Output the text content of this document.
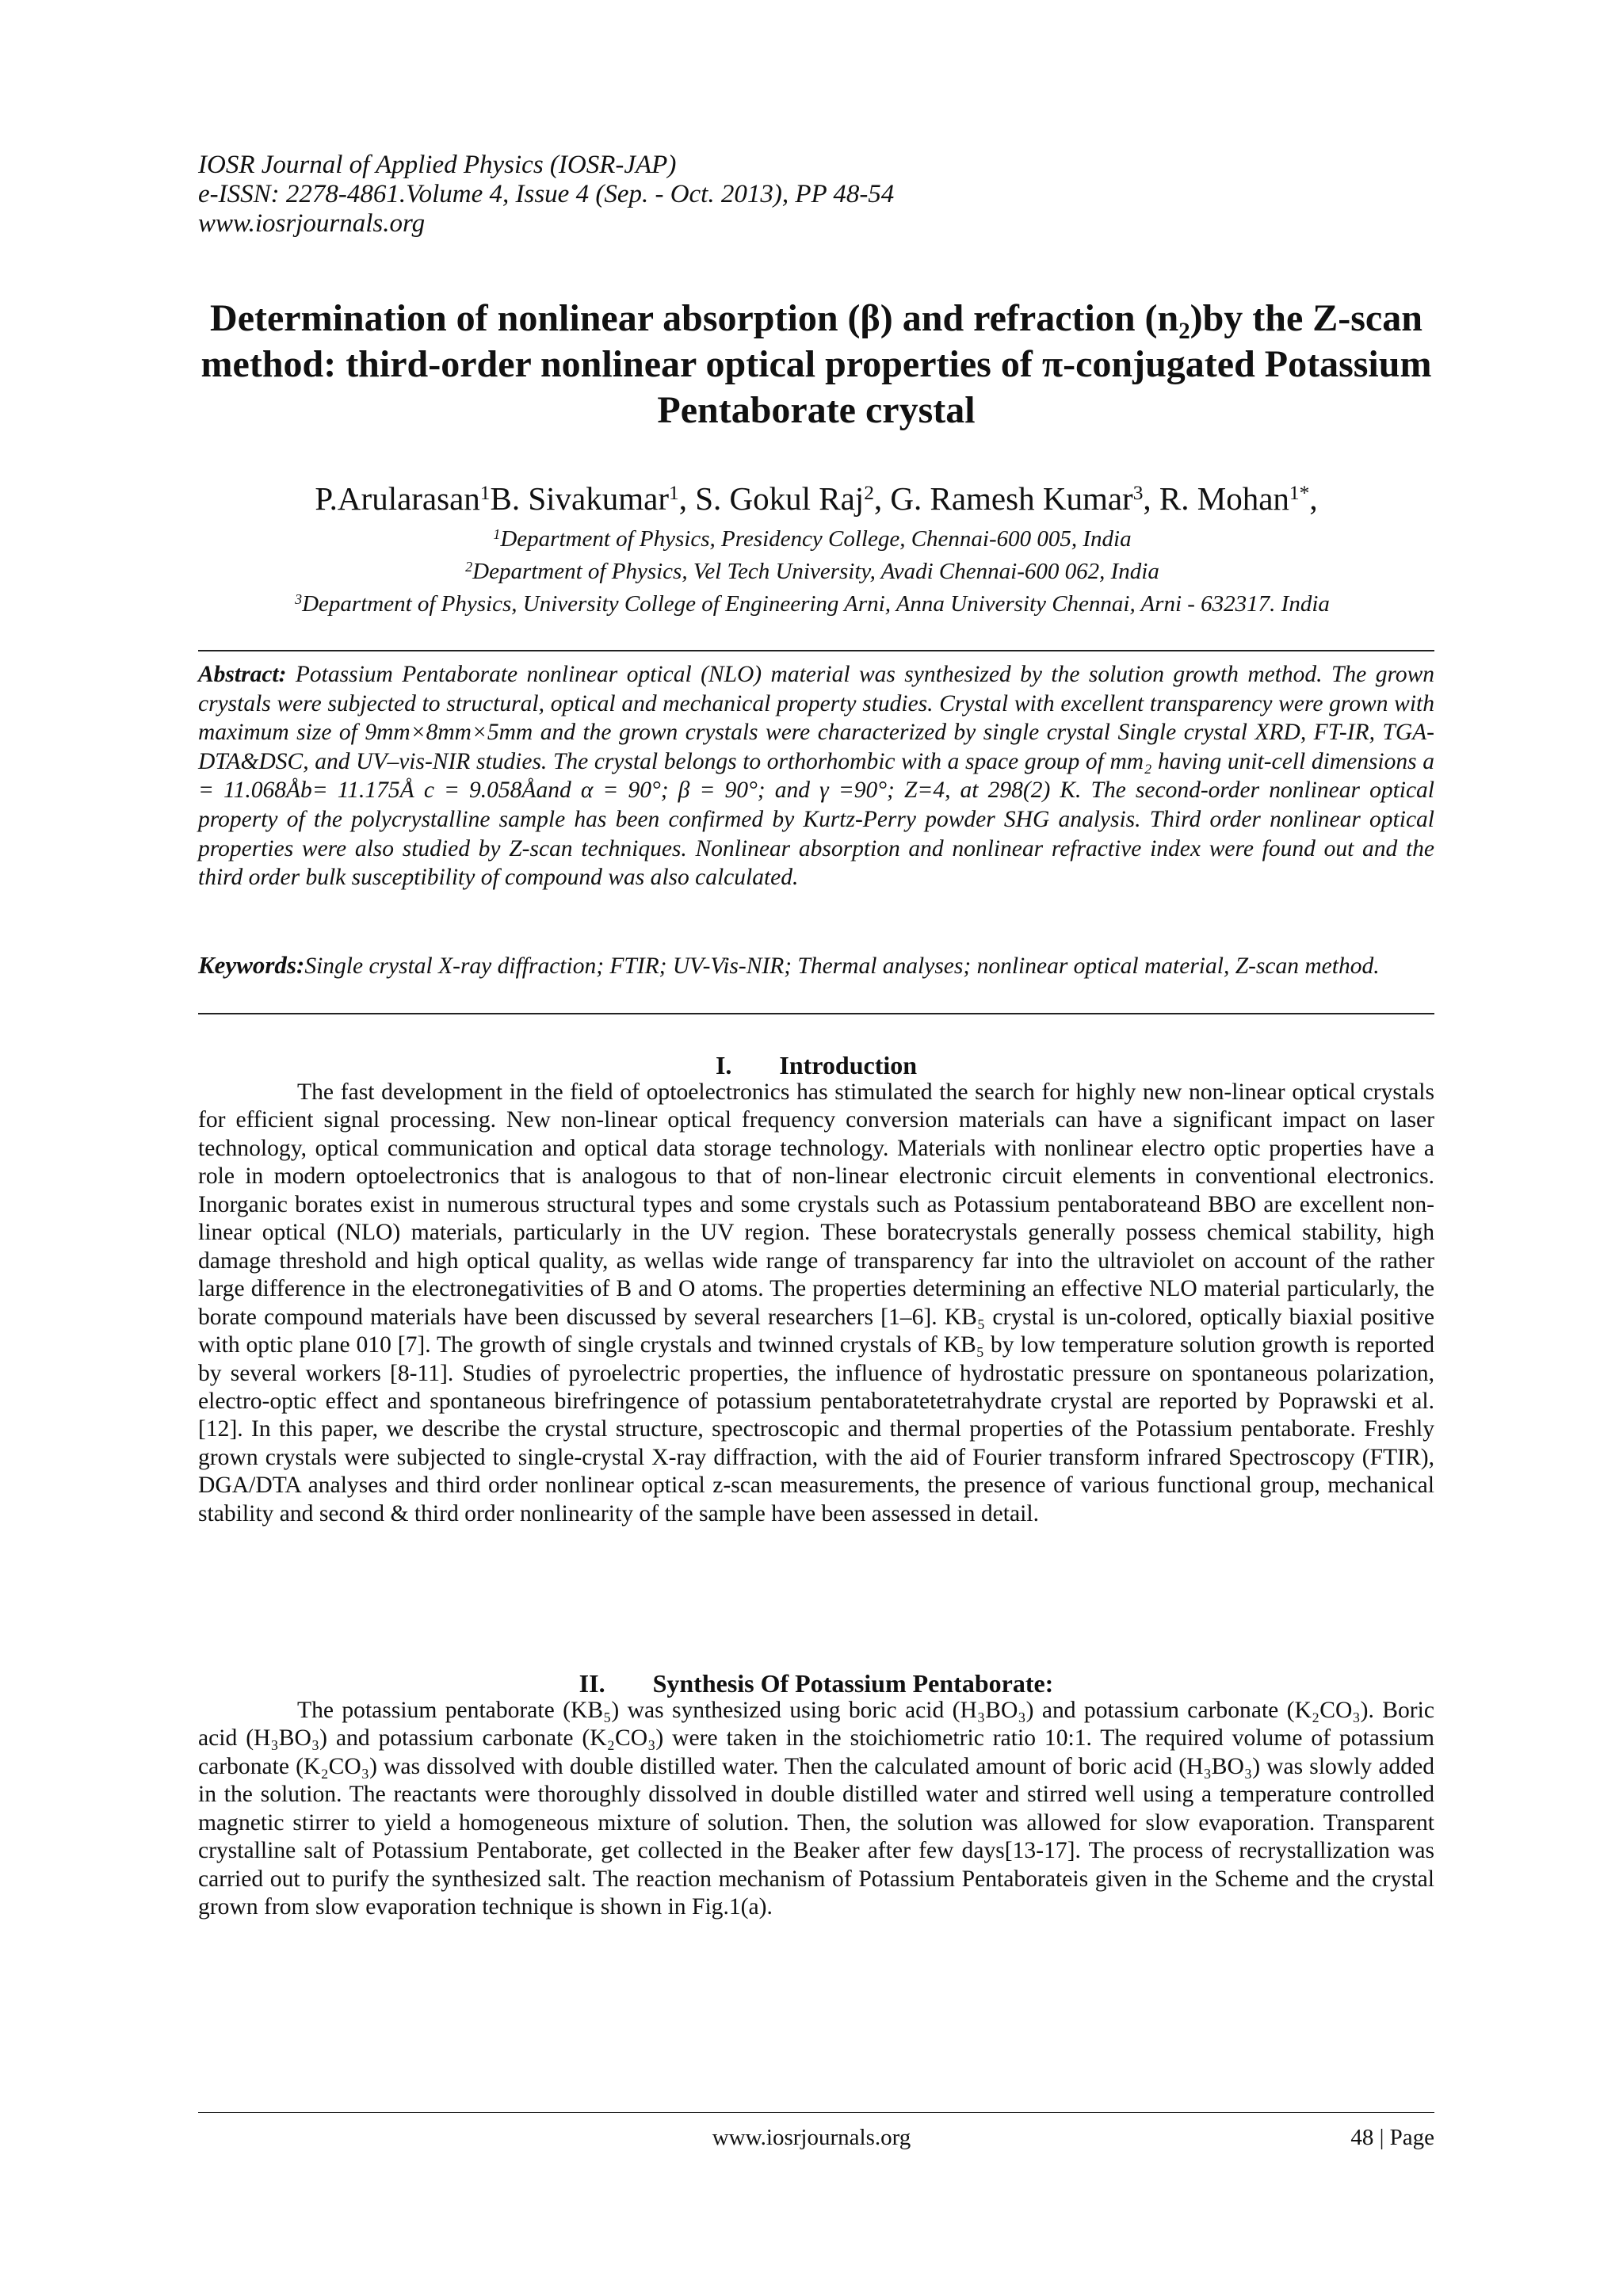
IOSR Journal of Applied Physics (IOSR-JAP)
e-ISSN: 2278-4861.Volume 4, Issue 4 (Sep. - Oct. 2013), PP 48-54
www.iosrjournals.org
Determination of nonlinear absorption (β) and refraction (n₂)by the Z-scan method: third-order nonlinear optical properties of π-conjugated Potassium Pentaborate crystal
P.Arularasan$^1$B. Sivakumar$^1$, S. Gokul Raj$^2$, G. Ramesh Kumar$^3$, R. Mohan$^{1*}$,
$^1$Department of Physics, Presidency College, Chennai-600 005, India
$^2$Department of Physics, Vel Tech University, Avadi Chennai-600 062, India
$^3$Department of Physics, University College of Engineering Arni, Anna University Chennai, Arni - 632317. India

Abstract: Potassium Pentaborate nonlinear optical (NLO) material was synthesized by the solution growth method. The grown crystals were subjected to structural, optical and mechanical property studies. Crystal with excellent transparency were grown with maximum size of 9mm×8mm×5mm and the grown crystals were characterized by single crystal Single crystal XRD, FT-IR, TGA-DTA&DSC, and UV–vis-NIR studies. The crystal belongs to orthorhombic with a space group of mm₂ having unit-cell dimensions a = 11.068Åb= 11.175Å c = 9.058Åand α = 90°; β = 90°; and γ =90°; Z=4, at 298(2) K. The second-order nonlinear optical property of the polycrystalline sample has been confirmed by Kurtz-Perry powder SHG analysis. Third order nonlinear optical properties were also studied by Z-scan techniques. Nonlinear absorption and nonlinear refractive index were found out and the third order bulk susceptibility of compound was also calculated.

Keywords:Single crystal X-ray diffraction; FTIR; UV-Vis-NIR; Thermal analyses; nonlinear optical material, Z-scan method.

I. Introduction

The fast development in the field of optoelectronics has stimulated the search for highly new non-linear optical crystals for efficient signal processing. New non-linear optical frequency conversion materials can have a significant impact on laser technology, optical communication and optical data storage technology. Materials with nonlinear electro optic properties have a role in modern optoelectronics that is analogous to that of non-linear electronic circuit elements in conventional electronics. Inorganic borates exist in numerous structural types and some crystals such as Potassium pentaborateand BBO are excellent non-linear optical (NLO) materials, particularly in the UV region. These boratecrystals generally possess chemical stability, high damage threshold and high optical quality, as wellas wide range of transparency far into the ultraviolet on account of the rather large difference in the electronegativities of B and O atoms. The properties determining an effective NLO material particularly, the borate compound materials have been discussed by several researchers [1–6]. KB₅ crystal is un-colored, optically biaxial positive with optic plane 010 [7]. The growth of single crystals and twinned crystals of KB₅ by low temperature solution growth is reported by several workers [8-11]. Studies of pyroelectric properties, the influence of hydrostatic pressure on spontaneous polarization, electro-optic effect and spontaneous birefringence of potassium pentaboratetetrahydrate crystal are reported by Poprawski et al. [12]. In this paper, we describe the crystal structure, spectroscopic and thermal properties of the Potassium pentaborate. Freshly grown crystals were subjected to single-crystal X-ray diffraction, with the aid of Fourier transform infrared Spectroscopy (FTIR), DGA/DTA analyses and third order nonlinear optical z-scan measurements, the presence of various functional group, mechanical stability and second & third order nonlinearity of the sample have been assessed in detail.

II. Synthesis Of Potassium Pentaborate:

The potassium pentaborate (KB₅) was synthesized using boric acid (H₃BO₃) and potassium carbonate (K₂CO₃). Boric acid (H₃BO₃) and potassium carbonate (K₂CO₃) were taken in the stoichiometric ratio 10:1. The required volume of potassium carbonate (K₂CO₃) was dissolved with double distilled water. Then the calculated amount of boric acid (H₃BO₃) was slowly added in the solution. The reactants were thoroughly dissolved in double distilled water and stirred well using a temperature controlled magnetic stirrer to yield a homogeneous mixture of solution. Then, the solution was allowed for slow evaporation. Transparent crystalline salt of Potassium Pentaborate, get collected in the Beaker after few days[13-17]. The process of recrystallization was carried out to purify the synthesized salt. The reaction mechanism of Potassium Pentaborateis given in the Scheme and the crystal grown from slow evaporation technique is shown in Fig.1(a).

www.iosrjournals.org	48 | Page
